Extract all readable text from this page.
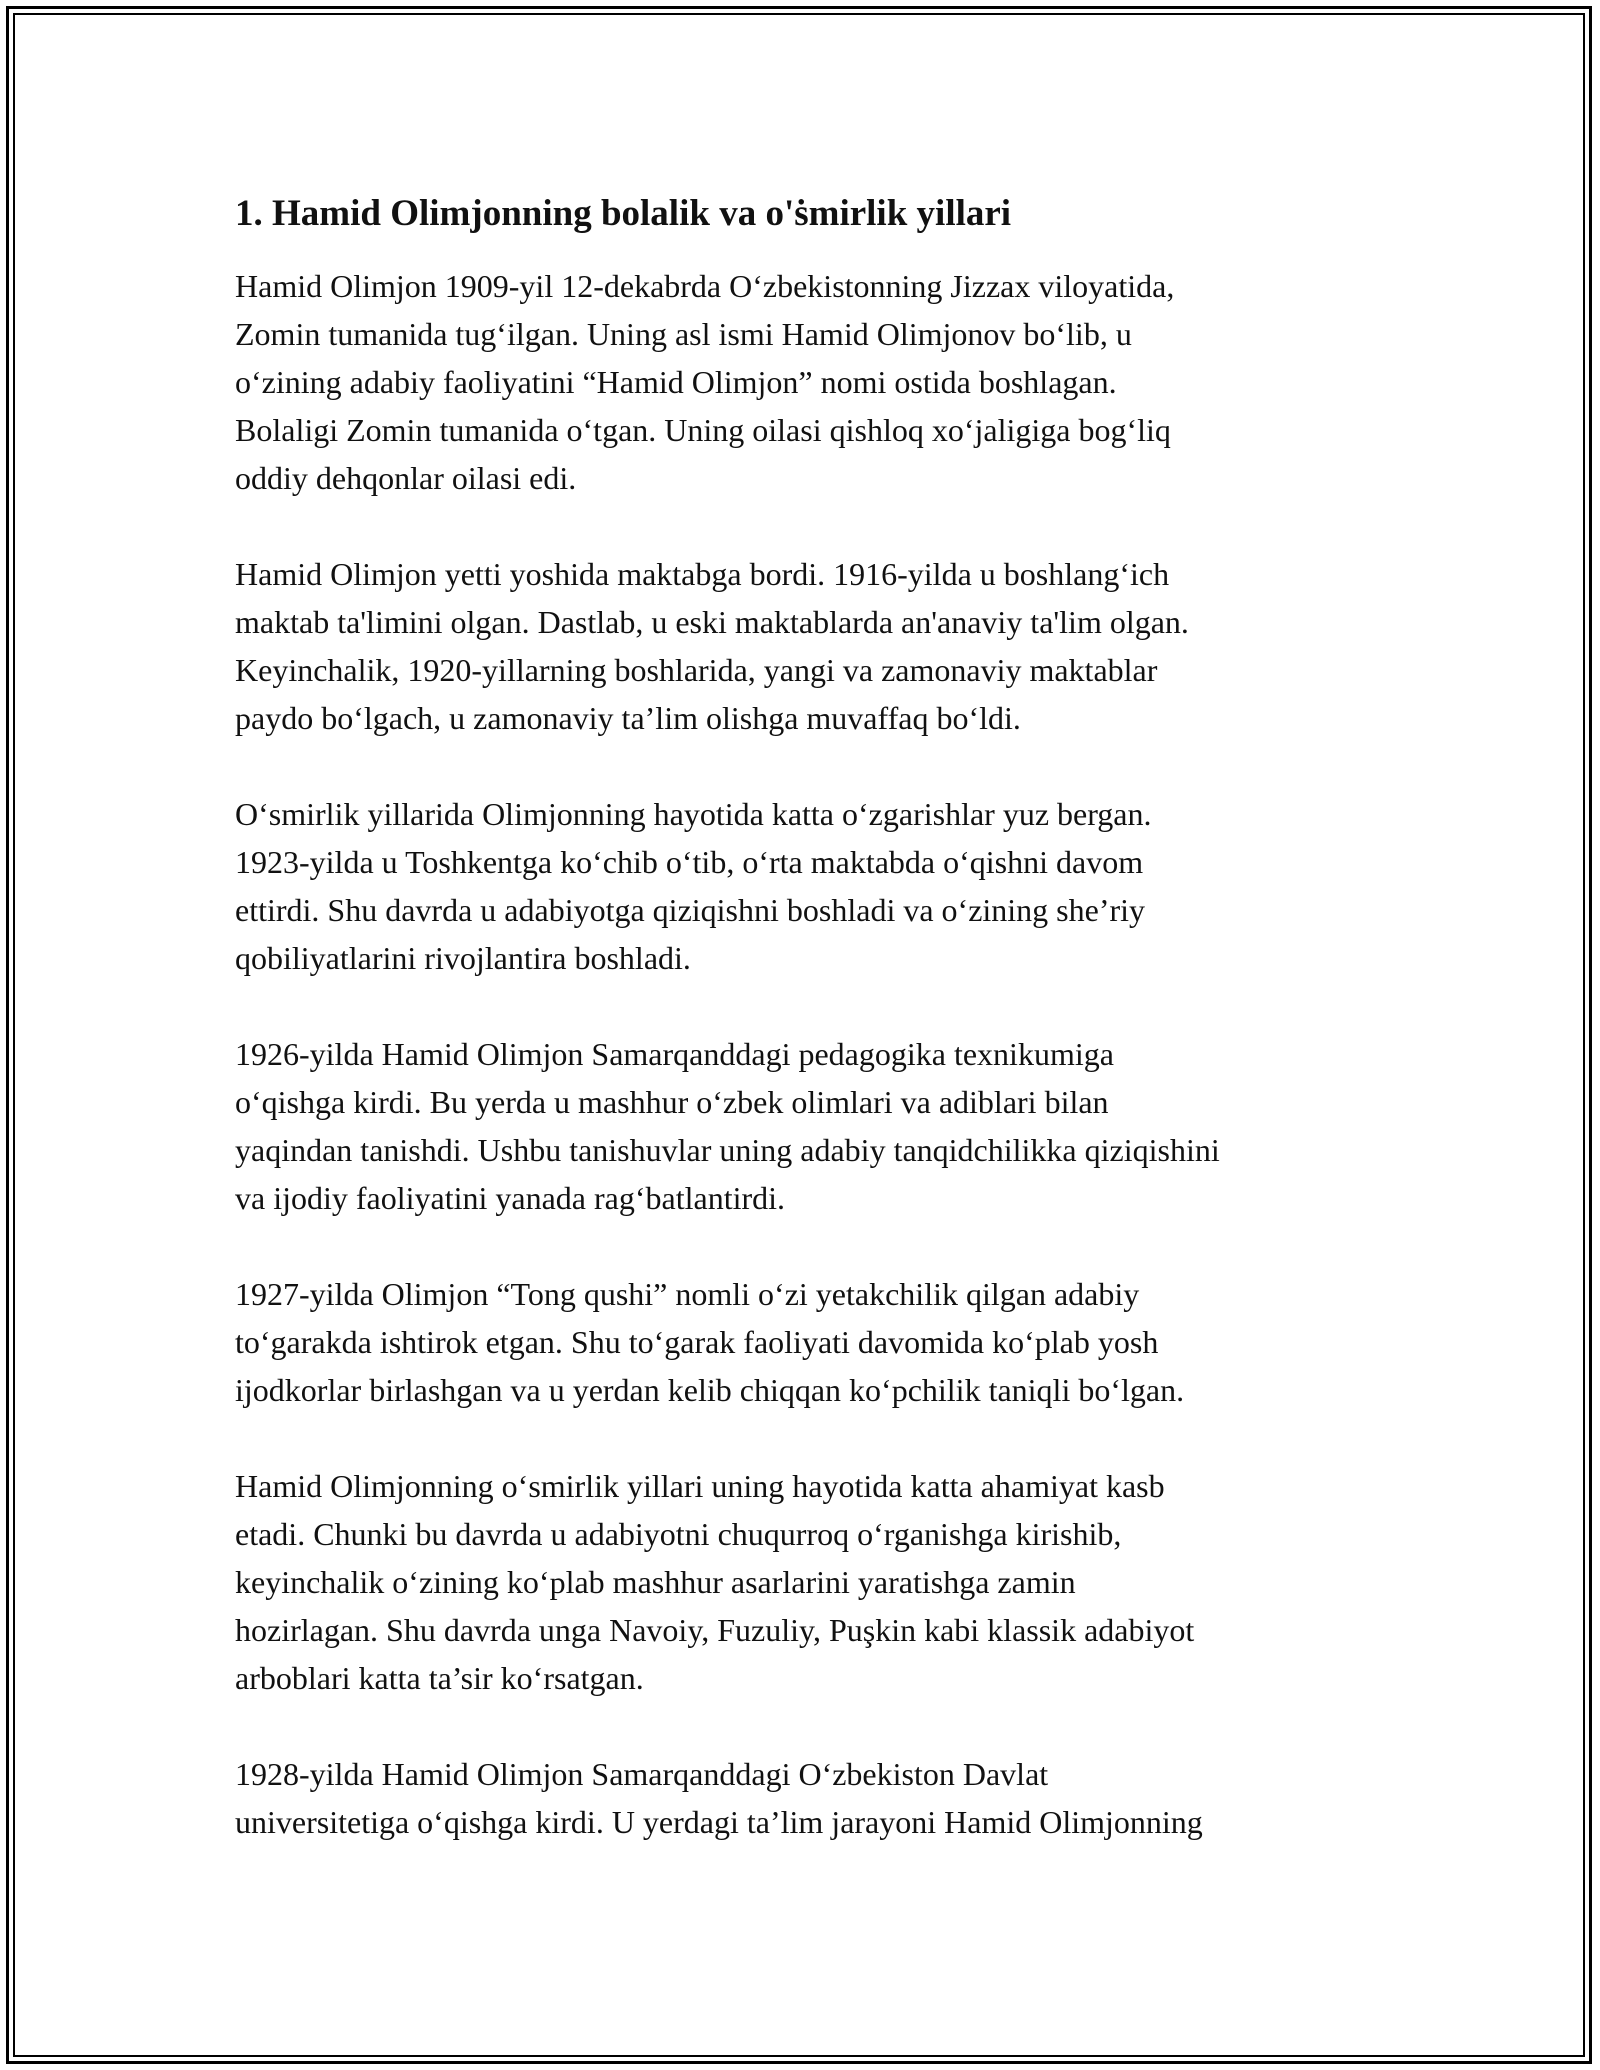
1. Hamid Olimjonning bolalik va o'ṡmirlik yillari
Hamid Olimjon 1909-yil 12-dekabrda O‘zbekistonning Jizzax viloyatida,
Zomin tumanida tug‘ilgan. Uning asl ismi Hamid Olimjonov bo‘lib, u
o‘zining adabiy faoliyatini “Hamid Olimjon” nomi ostida boshlagan.
Bolaligi Zomin tumanida o‘tgan. Uning oilasi qishloq xo‘jaligiga bog‘liq
oddiy dehqonlar oilasi edi.
Hamid Olimjon yetti yoshida maktabga bordi. 1916-yilda u boshlang‘ich
maktab ta'limini olgan. Dastlab, u eski maktablarda an'anaviy ta'lim olgan.
Keyinchalik, 1920-yillarning boshlarida, yangi va zamonaviy maktablar
paydo bo‘lgach, u zamonaviy ta’lim olishga muvaffaq bo‘ldi.
O‘smirlik yillarida Olimjonning hayotida katta o‘zgarishlar yuz bergan.
1923-yilda u Toshkentga ko‘chib o‘tib, o‘rta maktabda o‘qishni davom
ettirdi. Shu davrda u adabiyotga qiziqishni boshladi va o‘zining she’riy
qobiliyatlarini rivojlantira boshladi.
1926-yilda Hamid Olimjon Samarqanddagi pedagogika texnikumiga
o‘qishga kirdi. Bu yerda u mashhur o‘zbek olimlari va adiblari bilan
yaqindan tanishdi. Ushbu tanishuvlar uning adabiy tanqidchilikka qiziqishini
va ijodiy faoliyatini yanada rag‘batlantirdi.
1927-yilda Olimjon “Tong qushi” nomli o‘zi yetakchilik qilgan adabiy
to‘garakda ishtirok etgan. Shu to‘garak faoliyati davomida ko‘plab yosh
ijodkorlar birlashgan va u yerdan kelib chiqqan ko‘pchilik taniqli bo‘lgan.
Hamid Olimjonning o‘smirlik yillari uning hayotida katta ahamiyat kasb
etadi. Chunki bu davrda u adabiyotni chuqurroq o‘rganishga kirishib,
keyinchalik o‘zining ko‘plab mashhur asarlarini yaratishga zamin
hozirlagan. Shu davrda unga Navoiy, Fuzuliy, Puşkin kabi klassik adabiyot
arboblari katta ta’sir ko‘rsatgan.
1928-yilda Hamid Olimjon Samarqanddagi O‘zbekiston Davlat
universitetiga o‘qishga kirdi. U yerdagi ta’lim jarayoni Hamid Olimjonning
